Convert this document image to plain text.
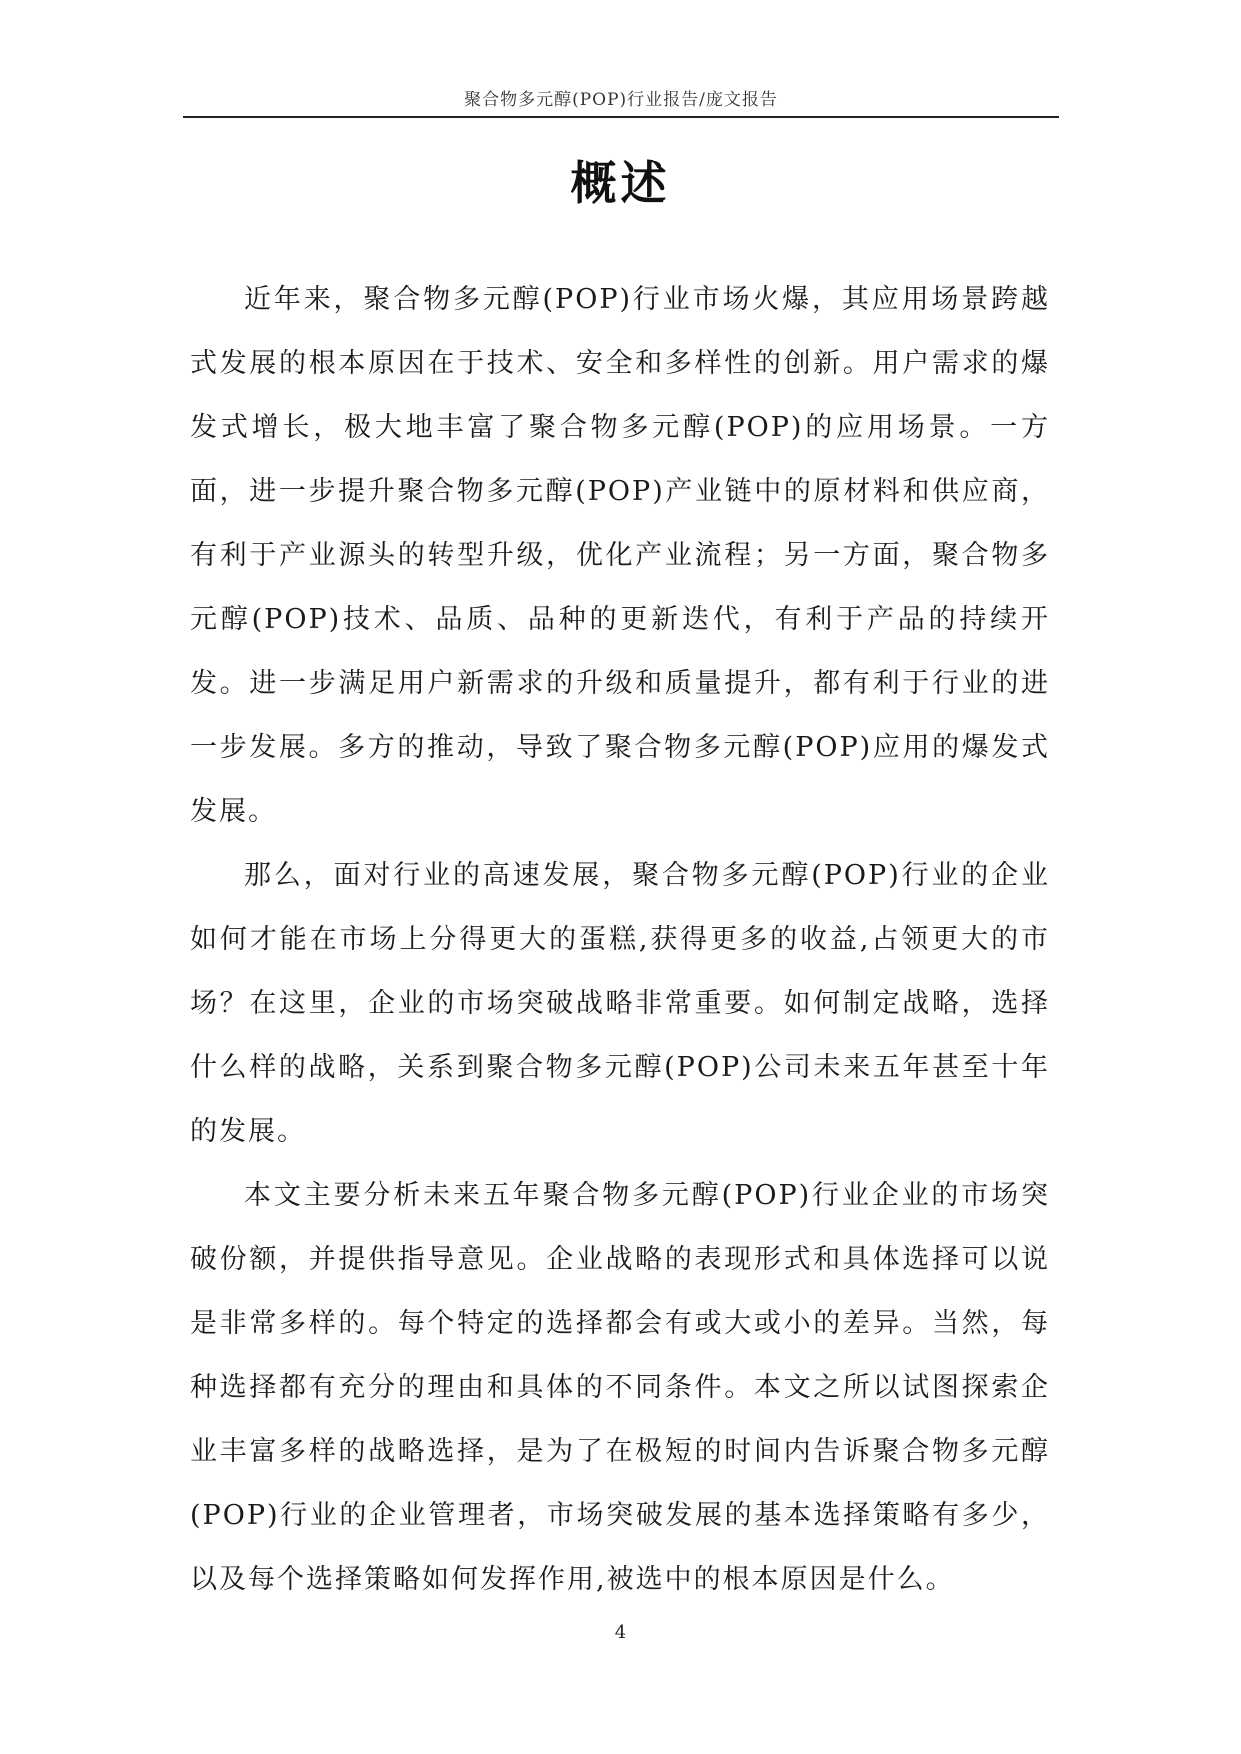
聚合物多元醇(POP)行业报告/庞文报告
概述

近年来，聚合物多元醇(POP)行业市场火爆，其应用场景跨越式发展的根本原因在于技术、安全和多样性的创新。用户需求的爆发式增长，极大地丰富了聚合物多元醇(POP)的应用场景。一方面，进一步提升聚合物多元醇(POP)产业链中的原材料和供应商，有利于产业源头的转型升级，优化产业流程；另一方面，聚合物多元醇(POP)技术、品质、品种的更新迭代，有利于产品的持续开发。进一步满足用户新需求的升级和质量提升，都有利于行业的进一步发展。多方的推动，导致了聚合物多元醇(POP)应用的爆发式发展。

那么，面对行业的高速发展，聚合物多元醇(POP)行业的企业如何才能在市场上分得更大的蛋糕,获得更多的收益,占领更大的市场？在这里，企业的市场突破战略非常重要。如何制定战略，选择什么样的战略，关系到聚合物多元醇(POP)公司未来五年甚至十年的发展。

本文主要分析未来五年聚合物多元醇(POP)行业企业的市场突破份额，并提供指导意见。企业战略的表现形式和具体选择可以说是非常多样的。每个特定的选择都会有或大或小的差异。当然，每种选择都有充分的理由和具体的不同条件。本文之所以试图探索企业丰富多样的战略选择，是为了在极短的时间内告诉聚合物多元醇(POP)行业的企业管理者，市场突破发展的基本选择策略有多少，以及每个选择策略如何发挥作用,被选中的根本原因是什么。

4
